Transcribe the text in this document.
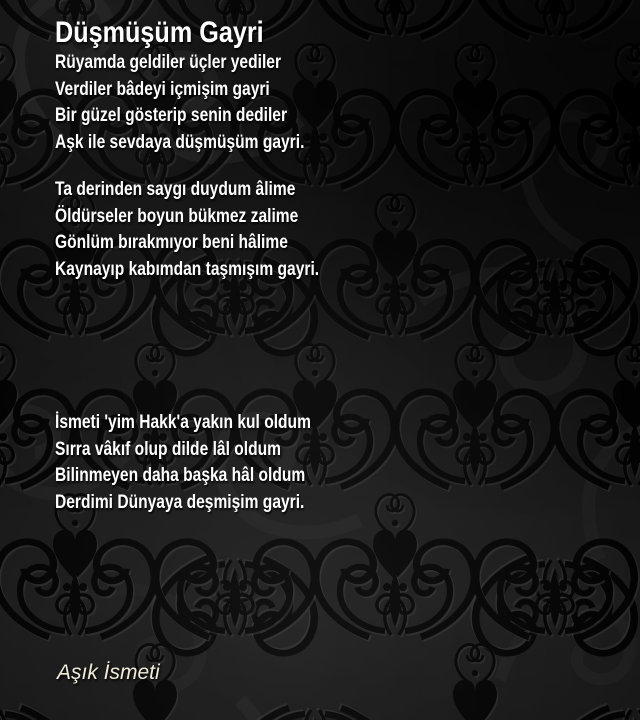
Düşmüşüm Gayri
Rüyamda geldiler üçler yediler
Verdiler bâdeyi içmişim gayri
Bir güzel gösterip senin dediler
Aşk ile sevdaya düşmüşüm gayri.
Ta derinden saygı duydum âlime
Öldürseler boyun bükmez zalime
Gönlüm bırakmıyor beni hâlime
Kaynayıp kabımdan taşmışım gayri.
İsmeti 'yim Hakk'a yakın kul oldum
Sırra vâkıf olup dilde lâl oldum
Bilinmeyen daha başka hâl oldum
Derdimi Dünyaya deşmişim gayri.
Aşık İsmeti
